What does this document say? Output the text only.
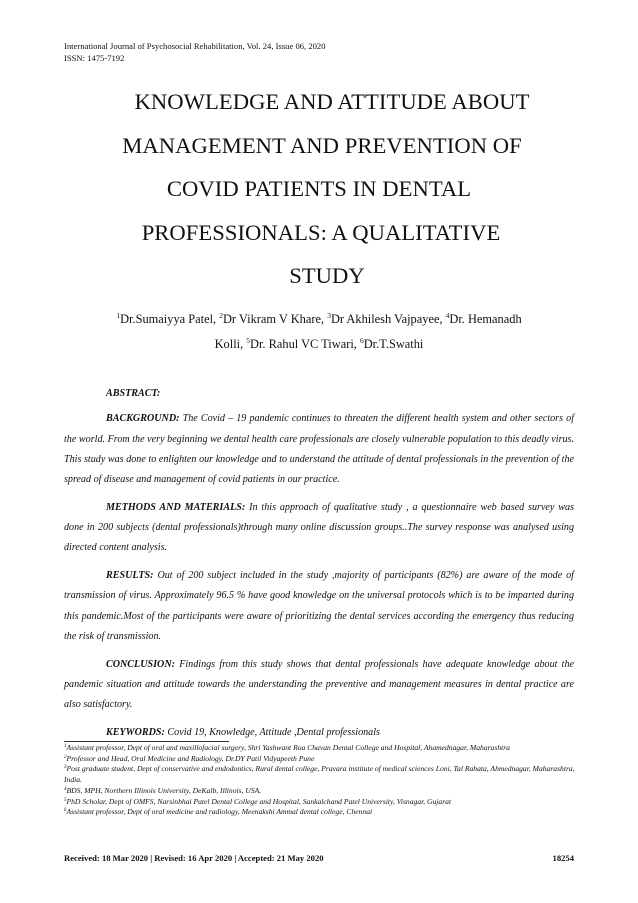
International Journal of Psychosocial Rehabilitation, Vol. 24, Issue 06, 2020
ISSN: 1475-7192
KNOWLEDGE AND ATTITUDE ABOUT
MANAGEMENT AND PREVENTION OF
COVID PATIENTS IN DENTAL
PROFESSIONALS: A QUALITATIVE
STUDY
$^1$Dr.Sumaiyya Patel, $^2$Dr Vikram V Khare, $^3$Dr Akhilesh Vajpayee, $^4$Dr. Hemanadh
Kolli, $^5$Dr. Rahul VC Tiwari, $^6$Dr.T.Swathi

ABSTRACT:

BACKGROUND: The Covid – 19 pandemic continues to threaten the different health system and other sectors of the world. From the very beginning we dental health care professionals are closely vulnerable population to this deadly virus. This study was done to enlighten our knowledge and to understand the attitude of dental professionals in the prevention of the spread of disease and management of covid patients in our practice.

METHODS AND MATERIALS: In this approach of qualitative study , a questionnaire web based survey was done in 200 subjects (dental professionals)through many online discussion groups..The survey response was analysed using directed content analysis.

RESULTS: Out of 200 subject included in the study ,majority of participants (82%) are aware of the mode of transmission of virus. Approximately 96.5 % have good knowledge on the universal protocols which is to be imparted during this pandemic.Most of the participants were aware of prioritizing the dental services according the emergency thus reducing the risk of transmission.

CONCLUSION: Findings from this study shows that dental professionals have adequate knowledge about the pandemic situation and attitude towards the understanding the preventive and management measures in dental practice are also satisfactory.

KEYWORDS: Covid 19, Knowledge, Attitude ,Dental professionals

$^1$Assistant professor, Dept of oral and maxillofacial surgery, Shri Yashwant Roa Chavan Dental College and Hospital, Ahamednagar, Maharashtra
$^2$Professor and Head, Oral Medicine and Radiology, Dr.DY Patil Vidyapeeth Pune
$^3$Post graduate student, Dept of conservative and endodontics, Rural dental college, Pravara institute of medical sciences Loni, Tal Rahata, Ahmednagar, Maharashtra, India.
$^4$BDS, MPH, Northern Illinois University, DeKalb, Illinois, USA.
$^5$PhD Scholar, Dept of OMFS, Narsinbhai Patel Dental College and Hospital, Sankalchand Patel University, Visnagar, Gujarat
$^6$Assistant professor, Dept of oral medicine and radiology, Meenakshi Ammal dental college, Chennai
Received: 18 Mar 2020 | Revised: 16 Apr 2020 | Accepted: 21 May 2020	18254
